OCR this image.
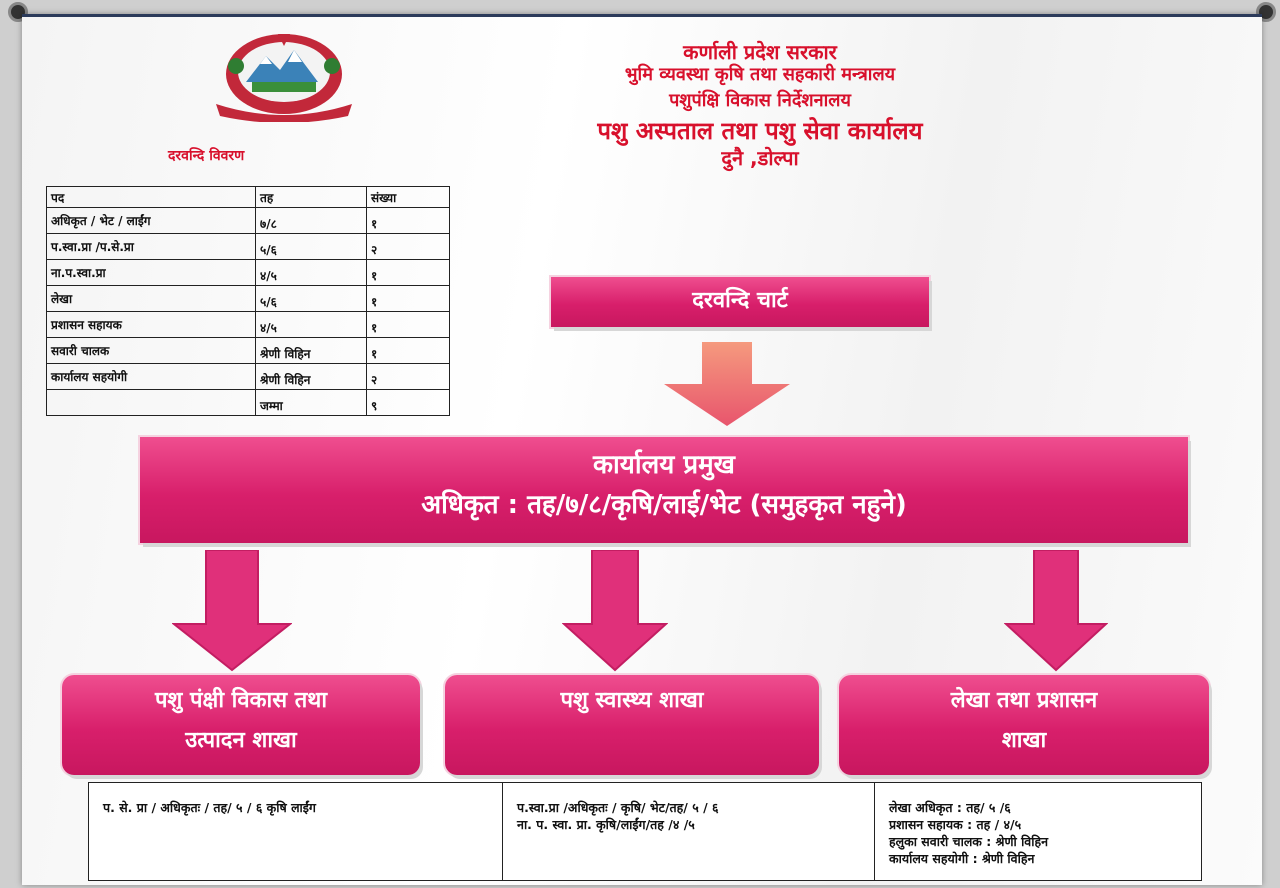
कर्णाली प्रदेश सरकार
भुमि व्यवस्था कृषि तथा सहकारी मन्त्रालय
पशुपंक्षि विकास निर्देशनालय
पशु अस्पताल तथा पशु सेवा कार्यालय
दुनै ,डोल्पा
दरवन्दि विवरण
पद	तह	संख्या
अधिकृत / भेट / लाईंग	७/८	१
प.स्वा.प्रा /प.से.प्रा	५/६	२
ना.प.स्वा.प्रा	४/५	१
लेखा	५/६	१
प्रशासन सहायक	४/५	१
सवारी चालक	श्रेणी विहिन	१
कार्यालय सहयोगी	श्रेणी विहिन	२
	जम्मा	९
दरवन्दि चार्ट
कार्यालय प्रमुख
अधिकृत : तह/७/८/कृषि/लाई/भेट (समुहकृत नहुने)
पशु पंक्षी विकास तथा
उत्पादन शाखा
पशु स्वास्थ्य शाखा	लेखा तथा प्रशासन
शाखा
प. से. प्रा / अधिकृतः / तह/ ५ / ६ कृषि लाईंग	प.स्वा.प्रा /अधिकृतः / कृषि/ भेट/तह/ ५ / ६
ना. प. स्वा. प्रा. कृषि/लाईंग/तह /४ /५
लेखा अधिकृत : तह/ ५ /६
प्रशासन सहायक : तह / ४/५
हलुका सवारी चालक : श्रेणी विहिन
कार्यालय सहयोगी : श्रेणी विहिन
